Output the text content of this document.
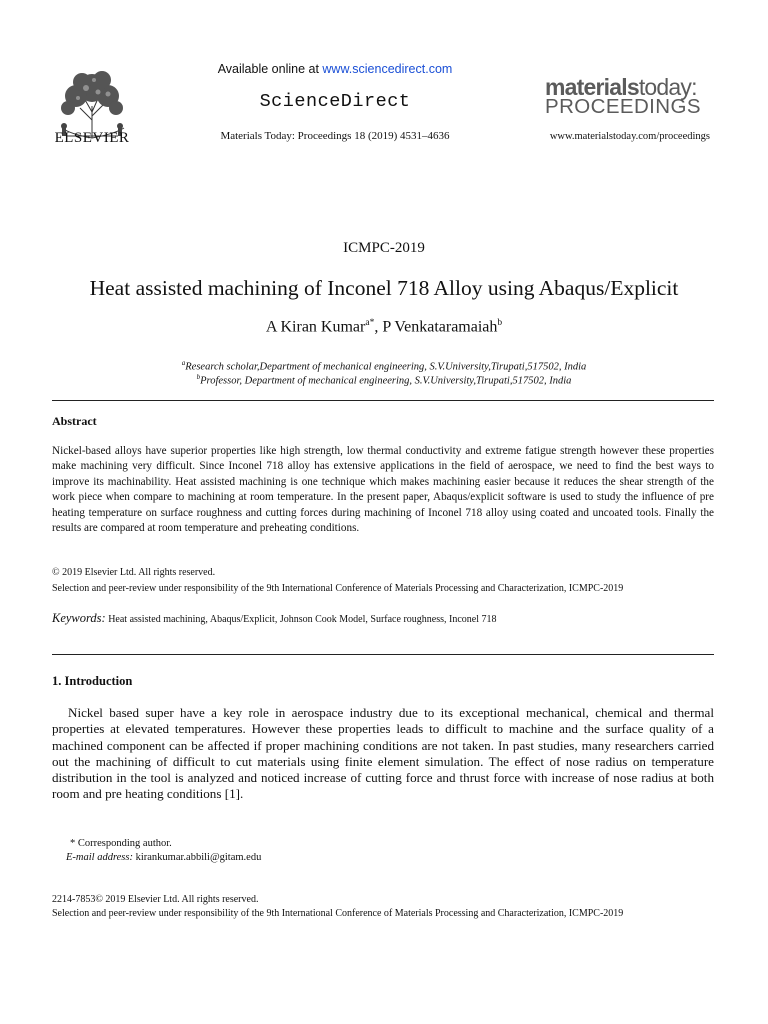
ELSEVIER
Available online at www.sciencedirect.com
ScienceDirect
Materials Today: Proceedings 18 (2019) 4531–4636
materialstoday:
PROCEEDINGS
www.materialstoday.com/proceedings
ICMPC-2019
Heat assisted machining of Inconel 718 Alloy using Abaqus/Explicit
A Kiran Kumar$^{a*}$, P Venkataramaiah$^b$
$^a$Research scholar,Department of mechanical engineering, S.V.University,Tirupati,517502, India
$^b$Professor, Department of mechanical engineering, S.V.University,Tirupati,517502, India
Abstract
Nickel-based alloys have superior properties like high strength, low thermal conductivity and extreme fatigue strength however these properties make machining very difficult. Since Inconel 718 alloy has extensive applications in the field of aerospace, we need to find the best ways to improve its machinability. Heat assisted machining is one technique which makes machining easier because it reduces the shear strength of the work piece when compare to machining at room temperature. In the present paper, Abaqus/explicit software is used to study the influence of pre heating temperature on surface roughness and cutting forces during machining of Inconel 718 alloy using coated and uncoated tools. Finally the results are compared at room temperature and preheating conditions.
© 2019 Elsevier Ltd. All rights reserved.
Selection and peer-review under responsibility of the 9th International Conference of Materials Processing and Characterization, ICMPC-2019
Keywords: Heat assisted machining, Abaqus/Explicit, Johnson Cook Model, Surface roughness, Inconel 718
1. Introduction
Nickel based super have a key role in aerospace industry due to its exceptional mechanical, chemical and thermal properties at elevated temperatures. However these properties leads to difficult to machine and the surface quality of a machined component can be affected if proper machining conditions are not taken. In past studies, many researchers carried out the machining of difficult to cut materials using finite element simulation. The effect of nose radius on temperature distribution in the tool is analyzed and noticed increase of cutting force and thrust force with increase of nose radius at both room and pre heating conditions [1].
* Corresponding author.
E-mail address: kirankumar.abbili@gitam.edu
2214-7853© 2019 Elsevier Ltd. All rights reserved.
Selection and peer-review under responsibility of the 9th International Conference of Materials Processing and Characterization, ICMPC-2019
